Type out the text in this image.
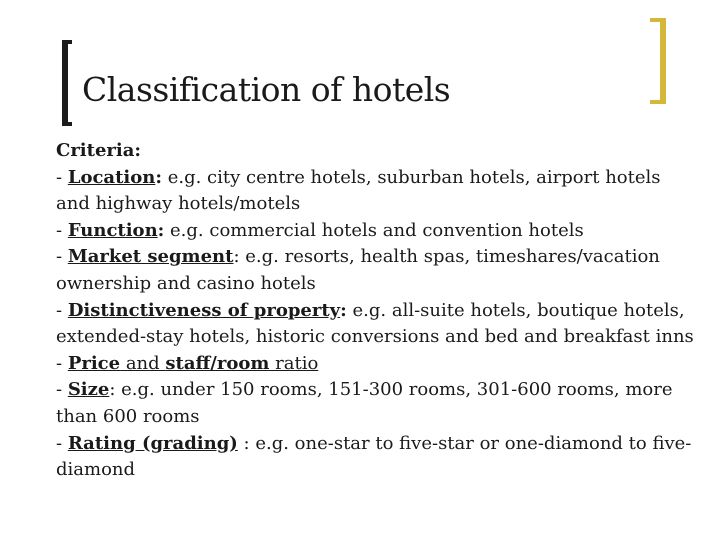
Classification of hotels

Criteria:

- Location: e.g. city centre hotels, suburban hotels, airport hotels and highway hotels/motels

- Function: e.g. commercial hotels and convention hotels

- Market segment: e.g. resorts, health spas, timeshares/vacation ownership and casino hotels

- Distinctiveness of property: e.g. all-suite hotels, boutique hotels, extended-stay hotels, historic conversions and bed and breakfast inns

- Price and staff/room ratio

- Size: e.g. under 150 rooms, 151-300 rooms, 301-600 rooms, more than 600 rooms

- Rating (grading) : e.g. one-star to five-star or one-diamond to five-diamond
